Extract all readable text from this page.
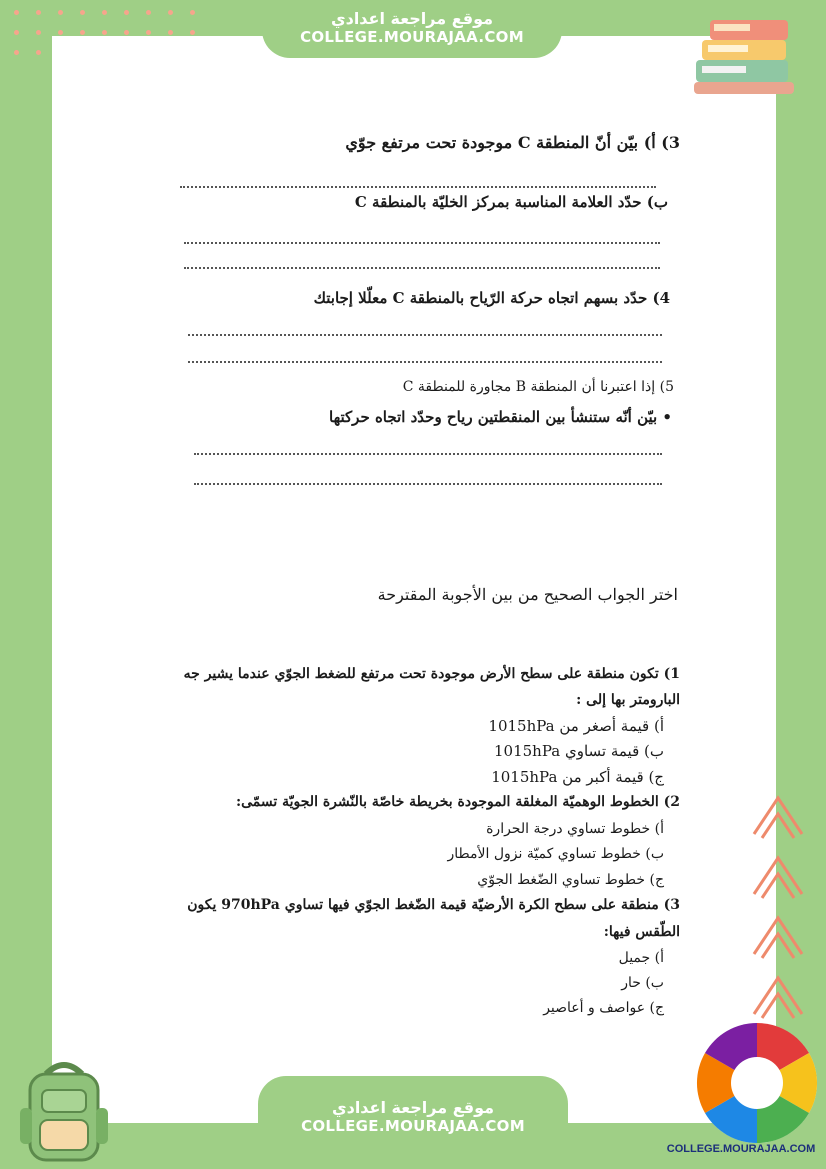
موقع مراجعة اعدادي
COLLEGE.MOURAJAA.COM
3) أ) بيّن أنّ المنطقة C موجودة تحت مرتفع جوّي
ب) حدّد العلامة المناسبة بمركز الخليّة بالمنطقة C
4) حدّد بسهم اتجاه حركة الرّياح بالمنطقة C معلّلا إجابتك
5) إذا اعتبرنا أن المنطقة B مجاورة للمنطقة C
• بيّن أنّه ستنشأ بين المنقطتين رياح وحدّد اتجاه حركتها
اختر الجواب الصحيح من بين الأجوبة المقترحة
1) تكون منطقة على سطح الأرض موجودة تحت مرتفع للضغط الجوّي عندما يشير جه
البارومتر بها إلى :
أ) قيمة أصغر من 1015hPa
ب) قيمة تساوي 1015hPa
ج) قيمة أكبر من 1015hPa
2) الخطوط الوهميّة المغلقة الموجودة بخريطة خاصّة بالنّشرة الجويّة تسمّى:
أ) خطوط تساوي درجة الحرارة
ب) خطوط تساوي كميّة نزول الأمطار
ج) خطوط تساوي الضّغط الجوّي
3) منطقة على سطح الكرة الأرضيّة قيمة الضّغط الجوّي فيها تساوي 970hPa يكون
الطّقس فيها:
أ) جميل
ب) حار
ج) عواصف و أعاصير
موقع مراجعة اعدادي
COLLEGE.MOURAJAA.COM
COLLEGE.MOURAJAA.COM
